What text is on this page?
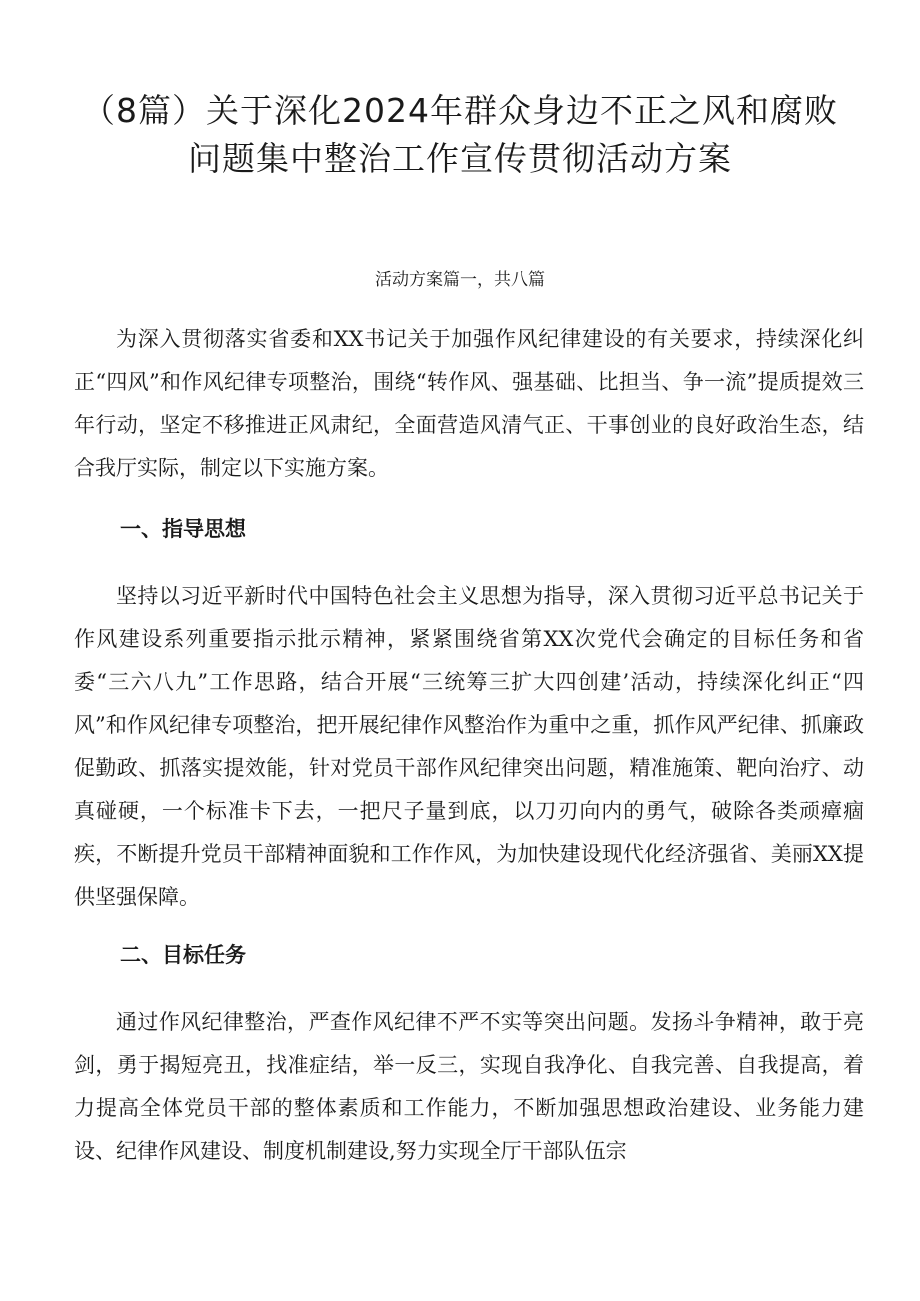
（8篇）关于深化2024年群众身边不正之风和腐败
问题集中整治工作宣传贯彻活动方案
活动方案篇一，共八篇

为深入贯彻落实省委和XX书记关于加强作风纪律建设的有关要求，持续深化纠正“四风”和作风纪律专项整治，围绕“转作风、强基础、比担当、争一流”提质提效三年行动，坚定不移推进正风肃纪，全面营造风清气正、干事创业的良好政治生态，结合我厅实际，制定以下实施方案。

一、指导思想

坚持以习近平新时代中国特色社会主义思想为指导，深入贯彻习近平总书记关于作风建设系列重要指示批示精神，紧紧围绕省第XX次党代会确定的目标任务和省委“三六八九”工作思路，结合开展“三统筹三扩大四创建’活动，持续深化纠正“四风”和作风纪律专项整治，把开展纪律作风整治作为重中之重，抓作风严纪律、抓廉政促勤政、抓落实提效能，针对党员干部作风纪律突出问题，精准施策、靶向治疗、动真碰硬，一个标准卡下去，一把尺子量到底，以刀刃向内的勇气，破除各类顽瘴痼疾，不断提升党员干部精神面貌和工作作风，为加快建设现代化经济强省、美丽XX提供坚强保障。

二、目标任务

通过作风纪律整治，严查作风纪律不严不实等突出问题。发扬斗争精神，敢于亮剑，勇于揭短亮丑，找准症结，举一反三，实现自我净化、自我完善、自我提高，着力提高全体党员干部的整体素质和工作能力，不断加强思想政治建设、业务能力建设、纪律作风建设、制度机制建设,努力实现全厅干部队伍宗
